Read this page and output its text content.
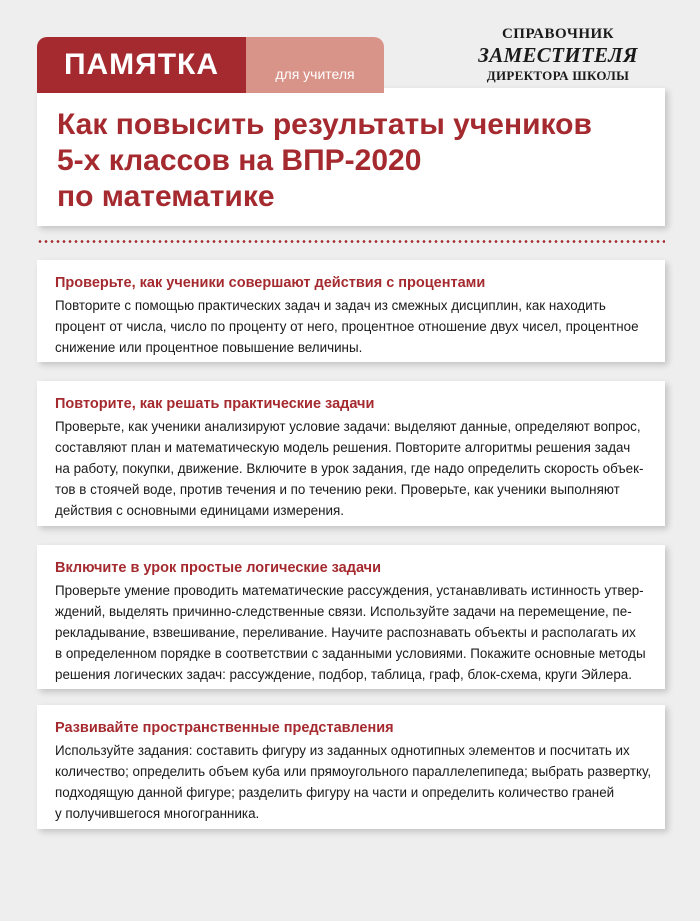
ПАМЯТКА	для учителя
СПРАВОЧНИК
ЗАМЕСТИТЕЛЯ
ДИРЕКТОРА ШКОЛЫ
Как повысить результаты учеников
5-х классов на ВПР-2020
по математике
Проверьте, как ученики совершают действия с процентами
Повторите с помощью практических задач и задач из смежных дисциплин, как находить
процент от числа, число по проценту от него, процентное отношение двух чисел, процентное
снижение или процентное повышение величины.
Повторите, как решать практические задачи
Проверьте, как ученики анализируют условие задачи: выделяют данные, определяют вопрос,
составляют план и математическую модель решения. Повторите алгоритмы решения задач
на работу, покупки, движение. Включите в урок задания, где надо определить скорость объек-
тов в стоячей воде, против течения и по течению реки. Проверьте, как ученики выполняют
действия с основными единицами измерения.
Включите в урок простые логические задачи
Проверьте умение проводить математические рассуждения, устанавливать истинность утвер-
ждений, выделять причинно-следственные связи. Используйте задачи на перемещение, пе-
рекладывание, взвешивание, переливание. Научите распознавать объекты и располагать их
в определенном порядке в соответствии с заданными условиями. Покажите основные методы
решения логических задач: рассуждение, подбор, таблица, граф, блок-схема, круги Эйлера.
Развивайте пространственные представления
Используйте задания: составить фигуру из заданных однотипных элементов и посчитать их
количество; определить объем куба или прямоугольного параллелепипеда; выбрать развертку,
подходящую данной фигуре; разделить фигуру на части и определить количество граней
у получившегося многогранника.
